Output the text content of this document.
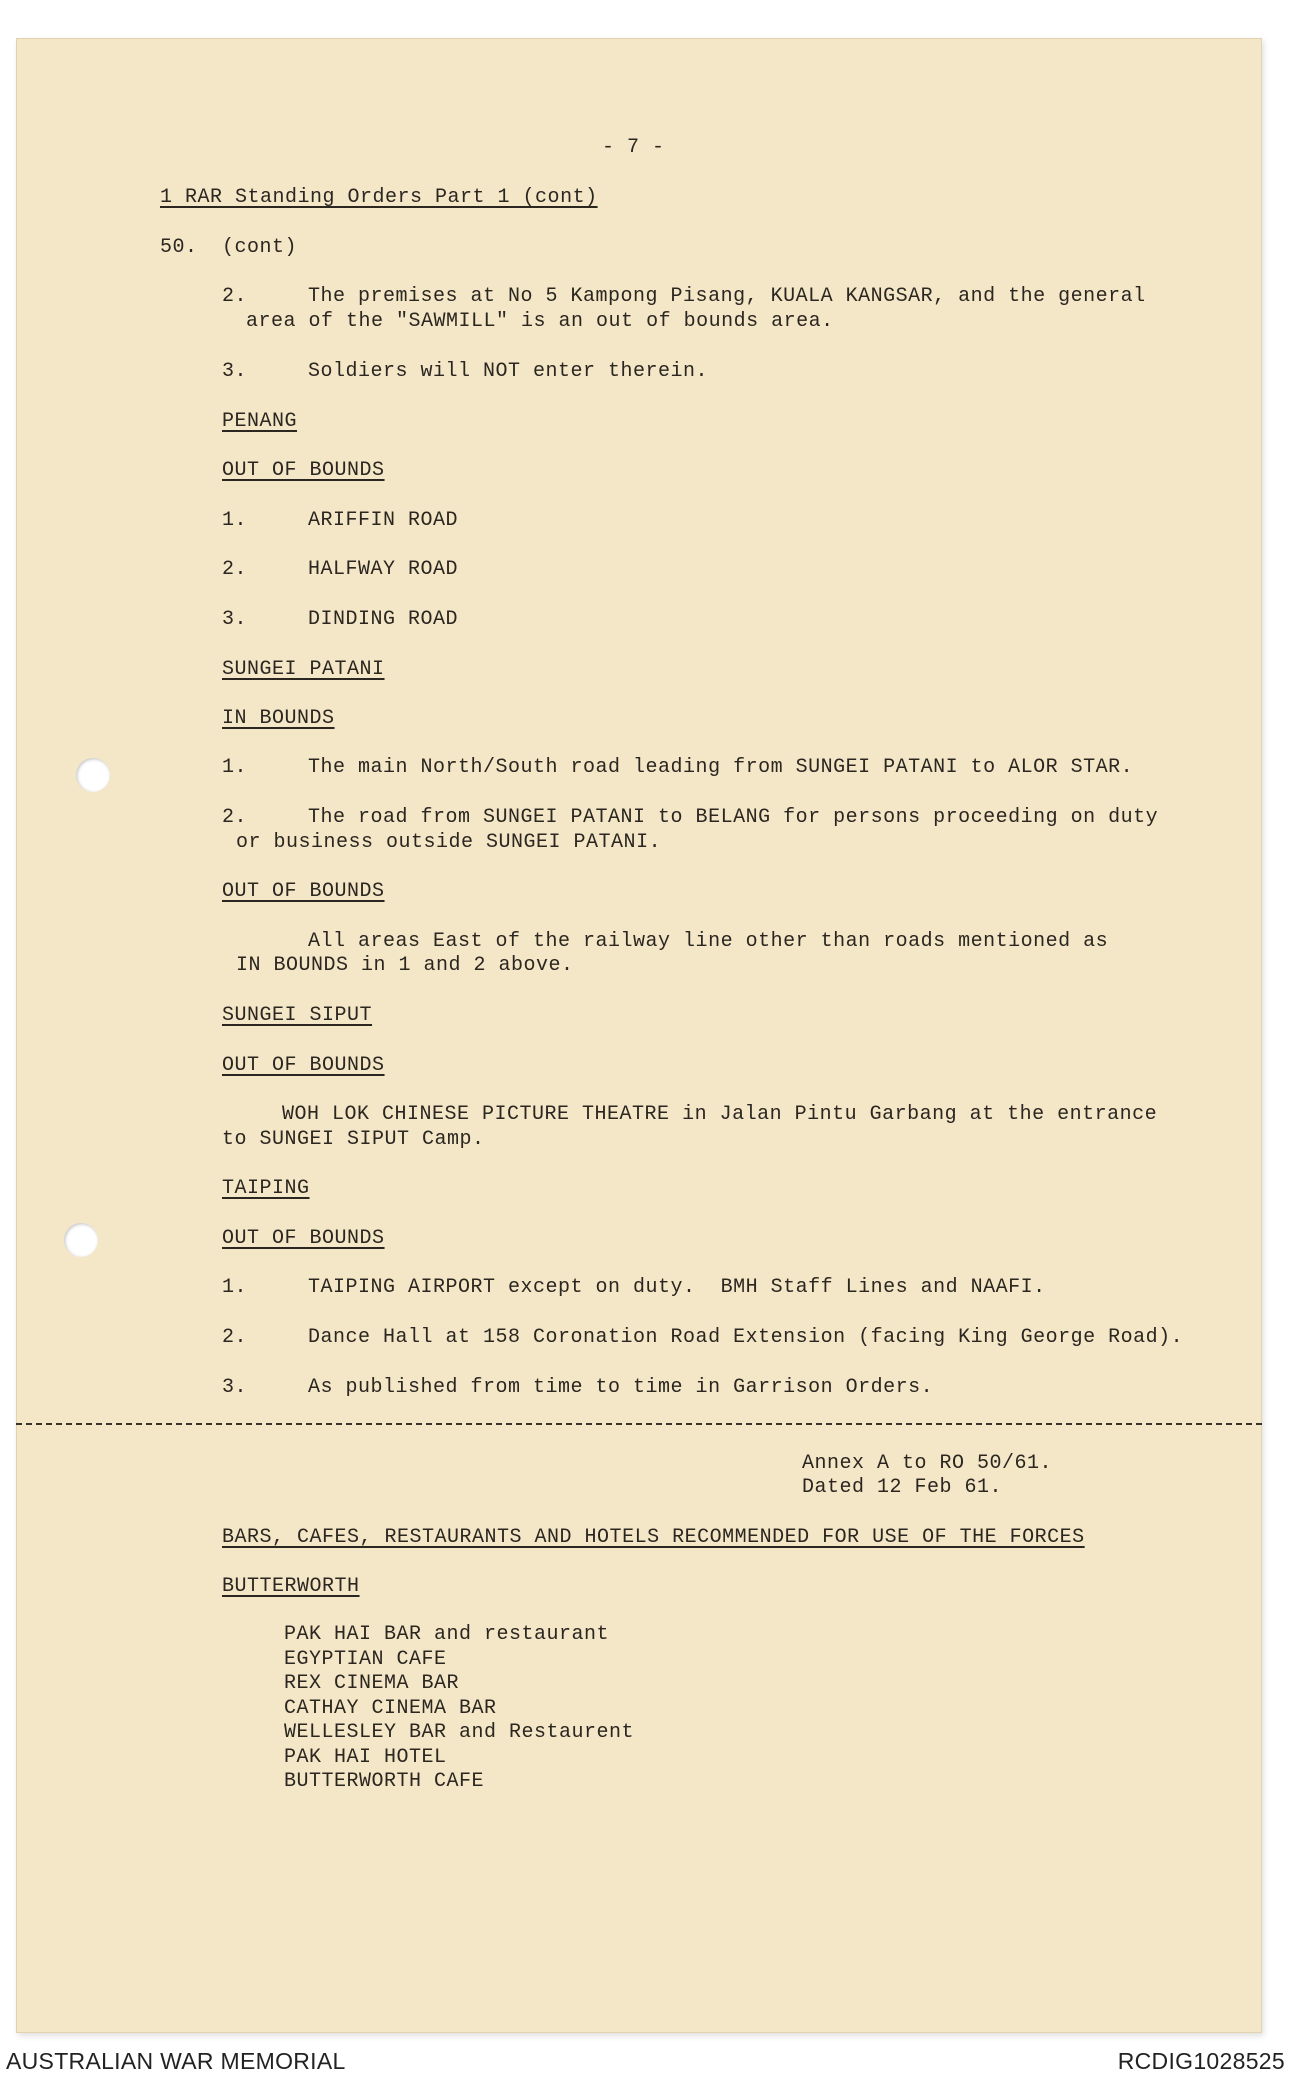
- 7 -
1 RAR Standing Orders Part 1 (cont)
50. (cont)
2.	The premises at No 5 Kampong Pisang, KUALA KANGSAR, and the general
area of the "SAWMILL" is an out of bounds area.
3.	Soldiers will NOT enter therein.
PENANG
OUT OF BOUNDS
1.	ARIFFIN ROAD
2.	HALFWAY ROAD
3.	DINDING ROAD
SUNGEI PATANI
IN BOUNDS
1.	The main North/South road leading from SUNGEI PATANI to ALOR STAR.
2.	The road from SUNGEI PATANI to BELANG for persons proceeding on duty
or business outside SUNGEI PATANI.
OUT OF BOUNDS
All areas East of the railway line other than roads mentioned as
IN BOUNDS in 1 and 2 above.
SUNGEI SIPUT
OUT OF BOUNDS
WOH LOK CHINESE PICTURE THEATRE in Jalan Pintu Garbang at the entrance
to SUNGEI SIPUT Camp.
TAIPING
OUT OF BOUNDS
1.	TAIPING AIRPORT except on duty.  BMH Staff Lines and NAAFI.
2.	Dance Hall at 158 Coronation Road Extension (facing King George Road).
3.	As published from time to time in Garrison Orders.
Annex A to RO 50/61.
Dated 12 Feb 61.
BARS, CAFES, RESTAURANTS AND HOTELS RECOMMENDED FOR USE OF THE FORCES
BUTTERWORTH
PAK HAI BAR and restaurant
EGYPTIAN CAFE
REX CINEMA BAR
CATHAY CINEMA BAR
WELLESLEY BAR and Restaurent
PAK HAI HOTEL
BUTTERWORTH CAFE
AUSTRALIAN WAR MEMORIAL	RCDIG1028525
